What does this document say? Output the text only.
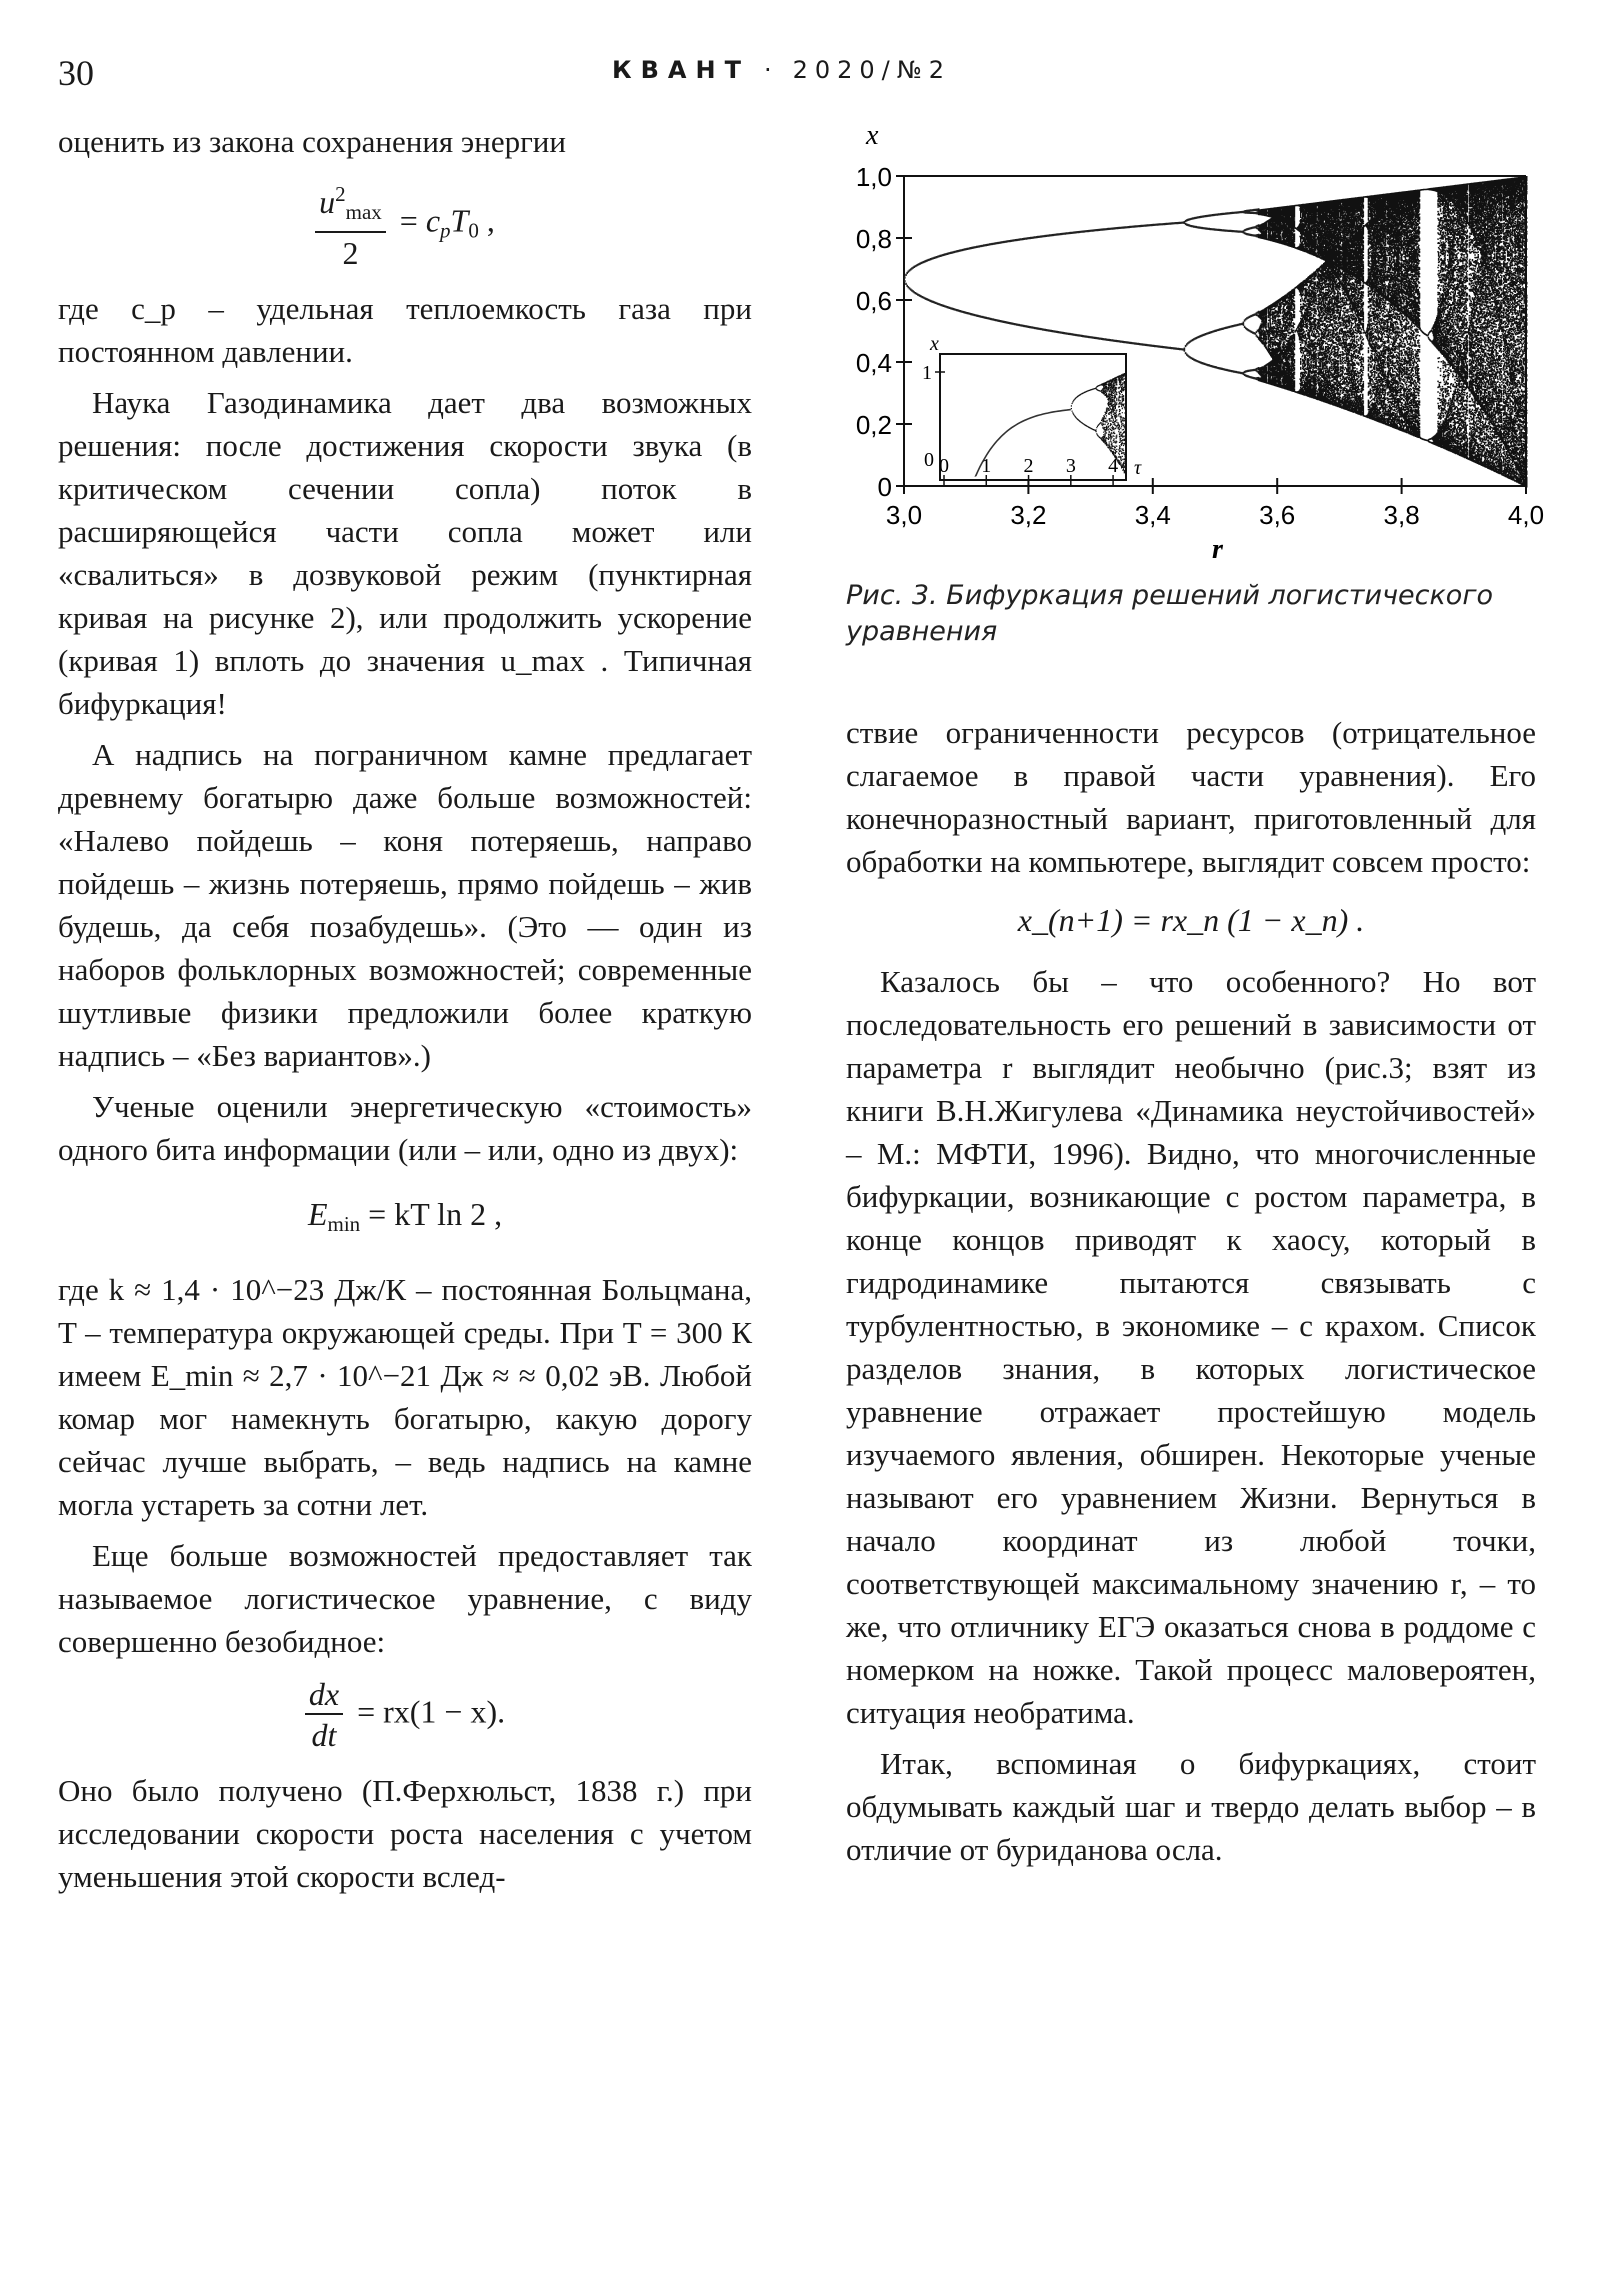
30	КВАНТ · 2020/№2

оценить из закона сохранения энергии

$\frac{u^2_{max}}{2} = c_pT_0$ ,

где c_p – удельная теплоемкость газа при постоянном давлении.

Наука Газодинамика дает два возможных решения: после достижения скорости звука (в критическом сечении сопла) поток в расширяющейся части сопла может или «свалиться» в дозвуковой режим (пунктирная кривая на рисунке 2), или продолжить ускорение (кривая 1) вплоть до значения u_max . Типичная бифуркация!

А надпись на пограничном камне предлагает древнему богатырю даже больше возможностей: «Налево пойдешь – коня потеряешь, направо пойдешь – жизнь потеряешь, прямо пойдешь – жив будешь, да себя позабудешь». (Это — один из наборов фольклорных возможностей; современные шутливые физики предложили более краткую надпись – «Без вариантов».)

Ученые оценили энергетическую «стоимость» одного бита информации (или – или, одно из двух):

$E_{min}$ = kT ln 2 ,

где k ≈ 1,4 · 10^−23 Дж/К – постоянная Больцмана, T – температура окружающей среды. При T = 300 К имеем E_min ≈ 2,7 · 10^−21 Дж ≈ ≈ 0,02 эВ. Любой комар мог намекнуть богатырю, какую дорогу сейчас лучше выбрать, – ведь надпись на камне могла устареть за сотни лет.

Еще больше возможностей предоставляет так называемое логистическое уравнение, с виду совершенно безобидное:

$\frac{dx}{dt} = rx(1 - x)$.

Оно было получено (П.Ферхюльст, 1838 г.) при исследовании скорости роста населения с учетом уменьшения этой скорости вслед-

x
r
0
0,2
0,4
0,6
0,8
1,0
3,0	3,2	3,4	3,6	3,8	4,0
0 1 2 3 4
0
1
x
τ
Рис. 3. Бифуркация решений логистического уравнения

ствие ограниченности ресурсов (отрицательное слагаемое в правой части уравнения). Его конечноразностный вариант, приготовленный для обработки на компьютере, выглядит совсем просто:

x_(n+1) = rx_n (1 − x_n) .

Казалось бы – что особенного? Но вот последовательность его решений в зависимости от параметра r выглядит необычно (рис.3; взят из книги В.Н.Жигулева «Динамика неустойчивостей» – М.: МФТИ, 1996). Видно, что многочисленные бифуркации, возникающие с ростом параметра, в конце концов приводят к хаосу, который в гидродинамике пытаются связывать с турбулентностью, в экономике – с крахом. Список разделов знания, в которых логистическое уравнение отражает простейшую модель изучаемого явления, обширен. Некоторые ученые называют его уравнением Жизни. Вернуться в начало координат из любой точки, соответствующей максимальному значению r, – то же, что отличнику ЕГЭ оказаться снова в роддоме с номерком на ножке. Такой процесс маловероятен, ситуация необратима.

Итак, вспоминая о бифуркациях, стоит обдумывать каждый шаг и твердо делать выбор – в отличие от буриданова осла.
